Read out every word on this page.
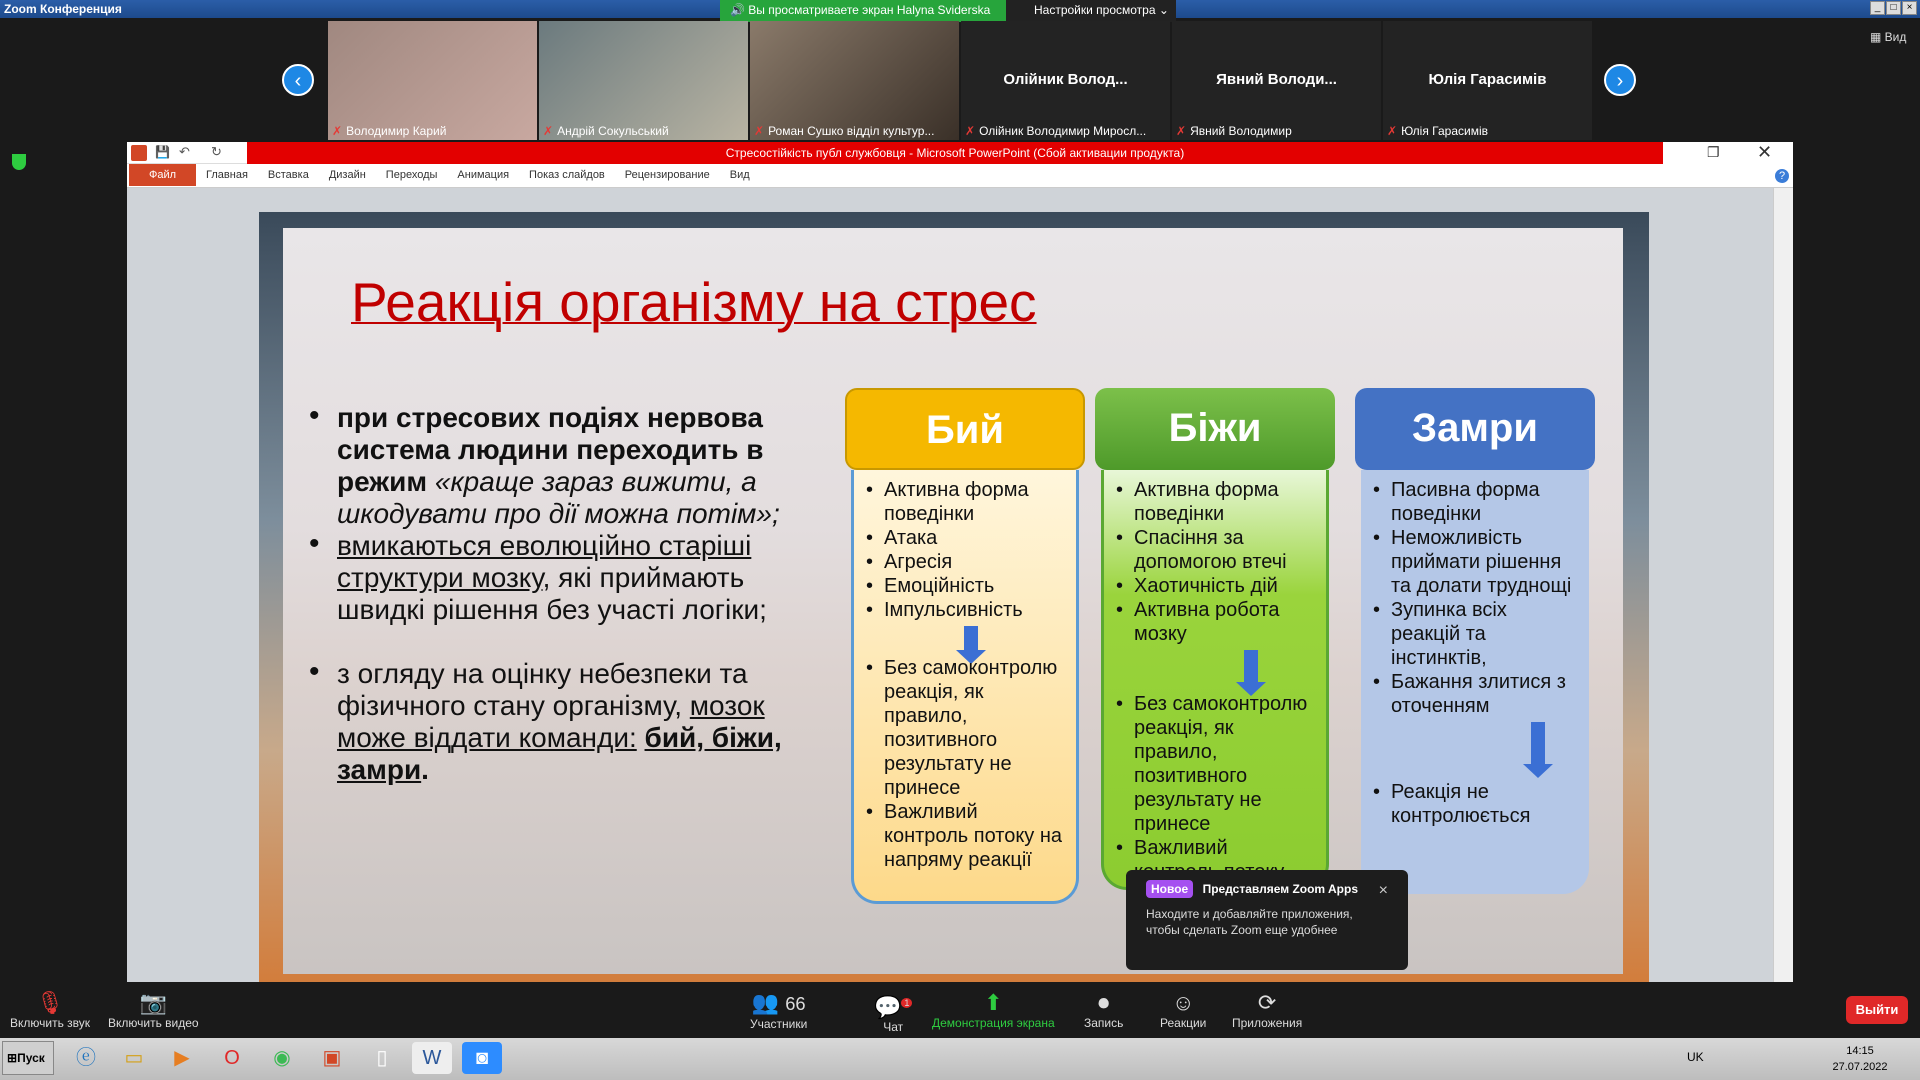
Zoom Конференция	🔊 Вы просматриваете экран Halyna Sviderska	Настройки просмотра ⌄	_	□	×
▦ Вид
‹
✗ Володимир Карий	✗ Андрій Сокульський	✗ Роман Сушко відділ культур...
Олійник Волод...
✗ Олійник Володимир Миросл...
Явний Володи...
✗ Явний Володимир
Юлія Гарасимів
✗ Юлія Гарасимів
›
💾 ↶ ↻	Стресостійкість публ службовця - Microsoft PowerPoint (Сбой активации продукта)	❐ ✕
Файл	Главная Вставка Дизайн Переходы Анимация Показ слайдов Рецензирование Вид	?
Реакція організму на стрес
• при стресових подіях нервова система людини переходить в режим «краще зараз вижити, а шкодувати про дії можна потім»;
• вмикаються еволюційно старіші структури мозку, які приймають швидкі рішення без участі логіки;
• з огляду на оцінку небезпеки та фізичного стану організму, мозок може віддати команди: бий, біжи, замри.
Бий
• Активна форма поведінки
• Атака
• Агресія
• Емоційність
• Імпульсивність
• Без самоконтролю реакція, як правило, позитивного результату не принесе
• Важливий контроль потоку на напряму реакції
Біжи
• Активна форма поведінки
• Спасіння за допомогою втечі
• Хаотичність дій
• Активна робота мозку
• Без самоконтролю реакція, як правило, позитивного результату не принесе
• Важливий
Замри
• Пасивна форма поведінки
• Неможливість приймати рішення та долати труднощі
• Зупинка всіх реакцій та інстинктів,
• Бажання злитися з оточенням
• Реакція не контролюється
Новое Представляем Zoom Apps ×
Находите и добавляйте приложения, чтобы сделать Zoom еще удобнее
🎙
Включить звук
📷
Включить видео
👥 66
Участники
💬 $^1$
Чат
⬆
Демонстрация экрана
⏺
Запись
☺
Реакции
⟳
Приложения
Выйти
⊞Пуск	ⓔ	▭	▶	O	◉	▣	▯	W	◙	UK	14:15
27.07.2022
